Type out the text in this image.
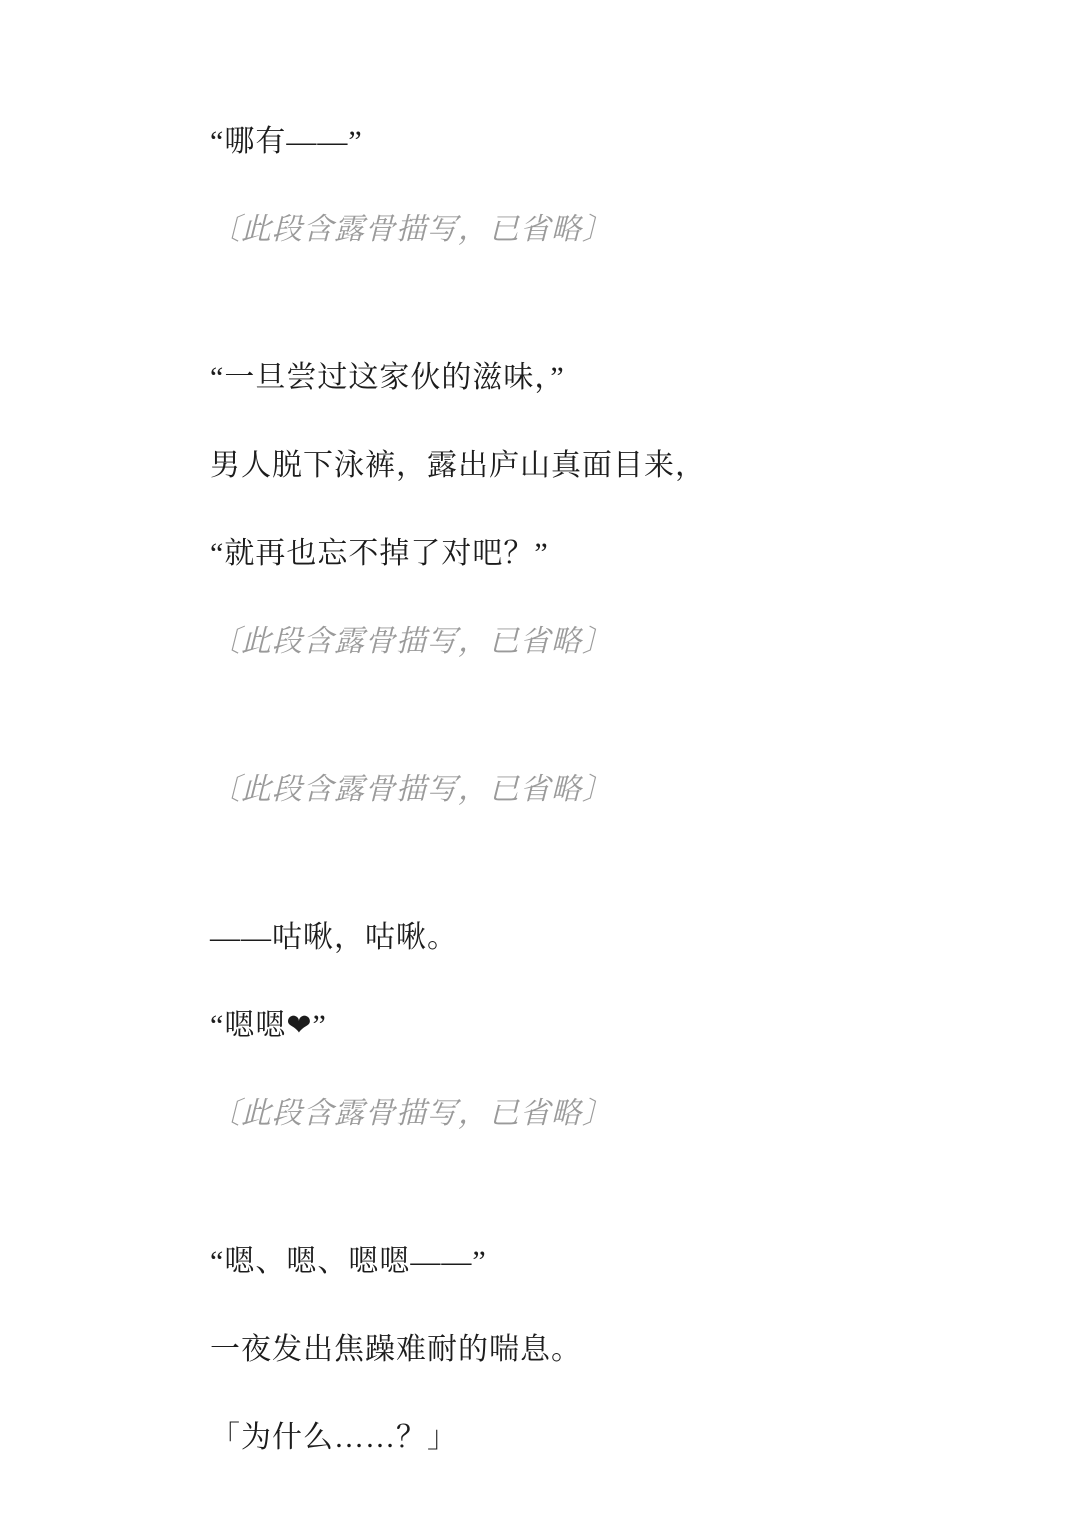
“哪有——”

〔此段含露骨描写，已省略〕

“一旦尝过这家伙的滋味，”

男人脱下泳裤，露出庐山真面目来，

“就再也忘不掉了对吧？”

〔此段含露骨描写，已省略〕

〔此段含露骨描写，已省略〕

——咕啾，咕啾。

“嗯嗯❤”

〔此段含露骨描写，已省略〕

“嗯、嗯、嗯嗯——”

一夜发出焦躁难耐的喘息。

「为什么……？」
